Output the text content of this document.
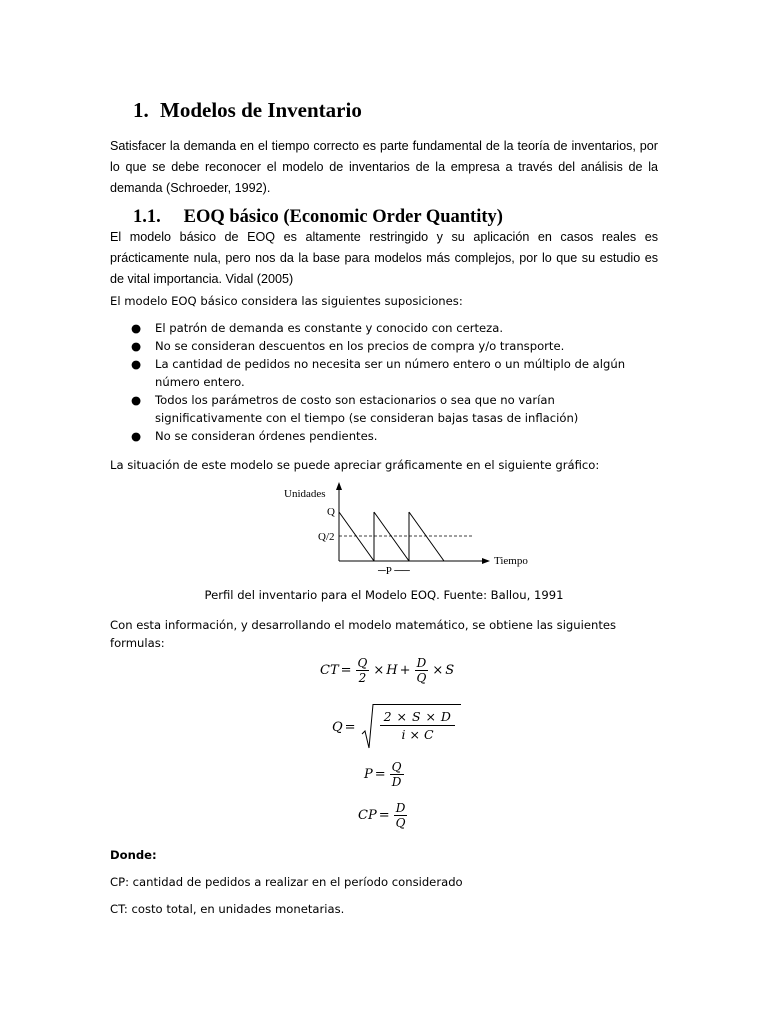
1. Modelos de Inventario
Satisfacer la demanda en el tiempo correcto es parte fundamental de la teoría de inventarios, por lo que se debe reconocer el modelo de inventarios de la empresa a través del análisis de la demanda (Schroeder, 1992).
1.1. EOQ básico (Economic Order Quantity)
El modelo básico de EOQ es altamente restringido y su aplicación en casos reales es prácticamente nula, pero nos da la base para modelos más complejos, por lo que su estudio es de vital importancia. Vidal (2005)
El modelo EOQ básico considera las siguientes suposiciones:
● El patrón de demanda es constante y conocido con certeza.
● No se consideran descuentos en los precios de compra y/o transporte.
● La cantidad de pedidos no necesita ser un número entero o un múltiplo de algún número entero.
● Todos los parámetros de costo son estacionarios o sea que no varían significativamente con el tiempo (se consideran bajas tasas de inflación)
● No se consideran órdenes pendientes.
La situación de este modelo se puede apreciar gráficamente en el siguiente gráfico:
Unidades
Tiempo
Q
Q/2
─P ──
Perfil del inventario para el Modelo EOQ. Fuente: Ballou, 1991
Con esta información, y desarrollando el modelo matemático, se obtiene las siguientes formulas:
CT = $\frac{Q}{2} \times H + \frac{D}{Q} \times S$
$Q = \frac{2 \times S \times D}{i \times C}$
$P = \frac{Q}{D}$
CP = $\frac{D}{Q}$
Donde:
CP: cantidad de pedidos a realizar en el período considerado
CT: costo total, en unidades monetarias.
